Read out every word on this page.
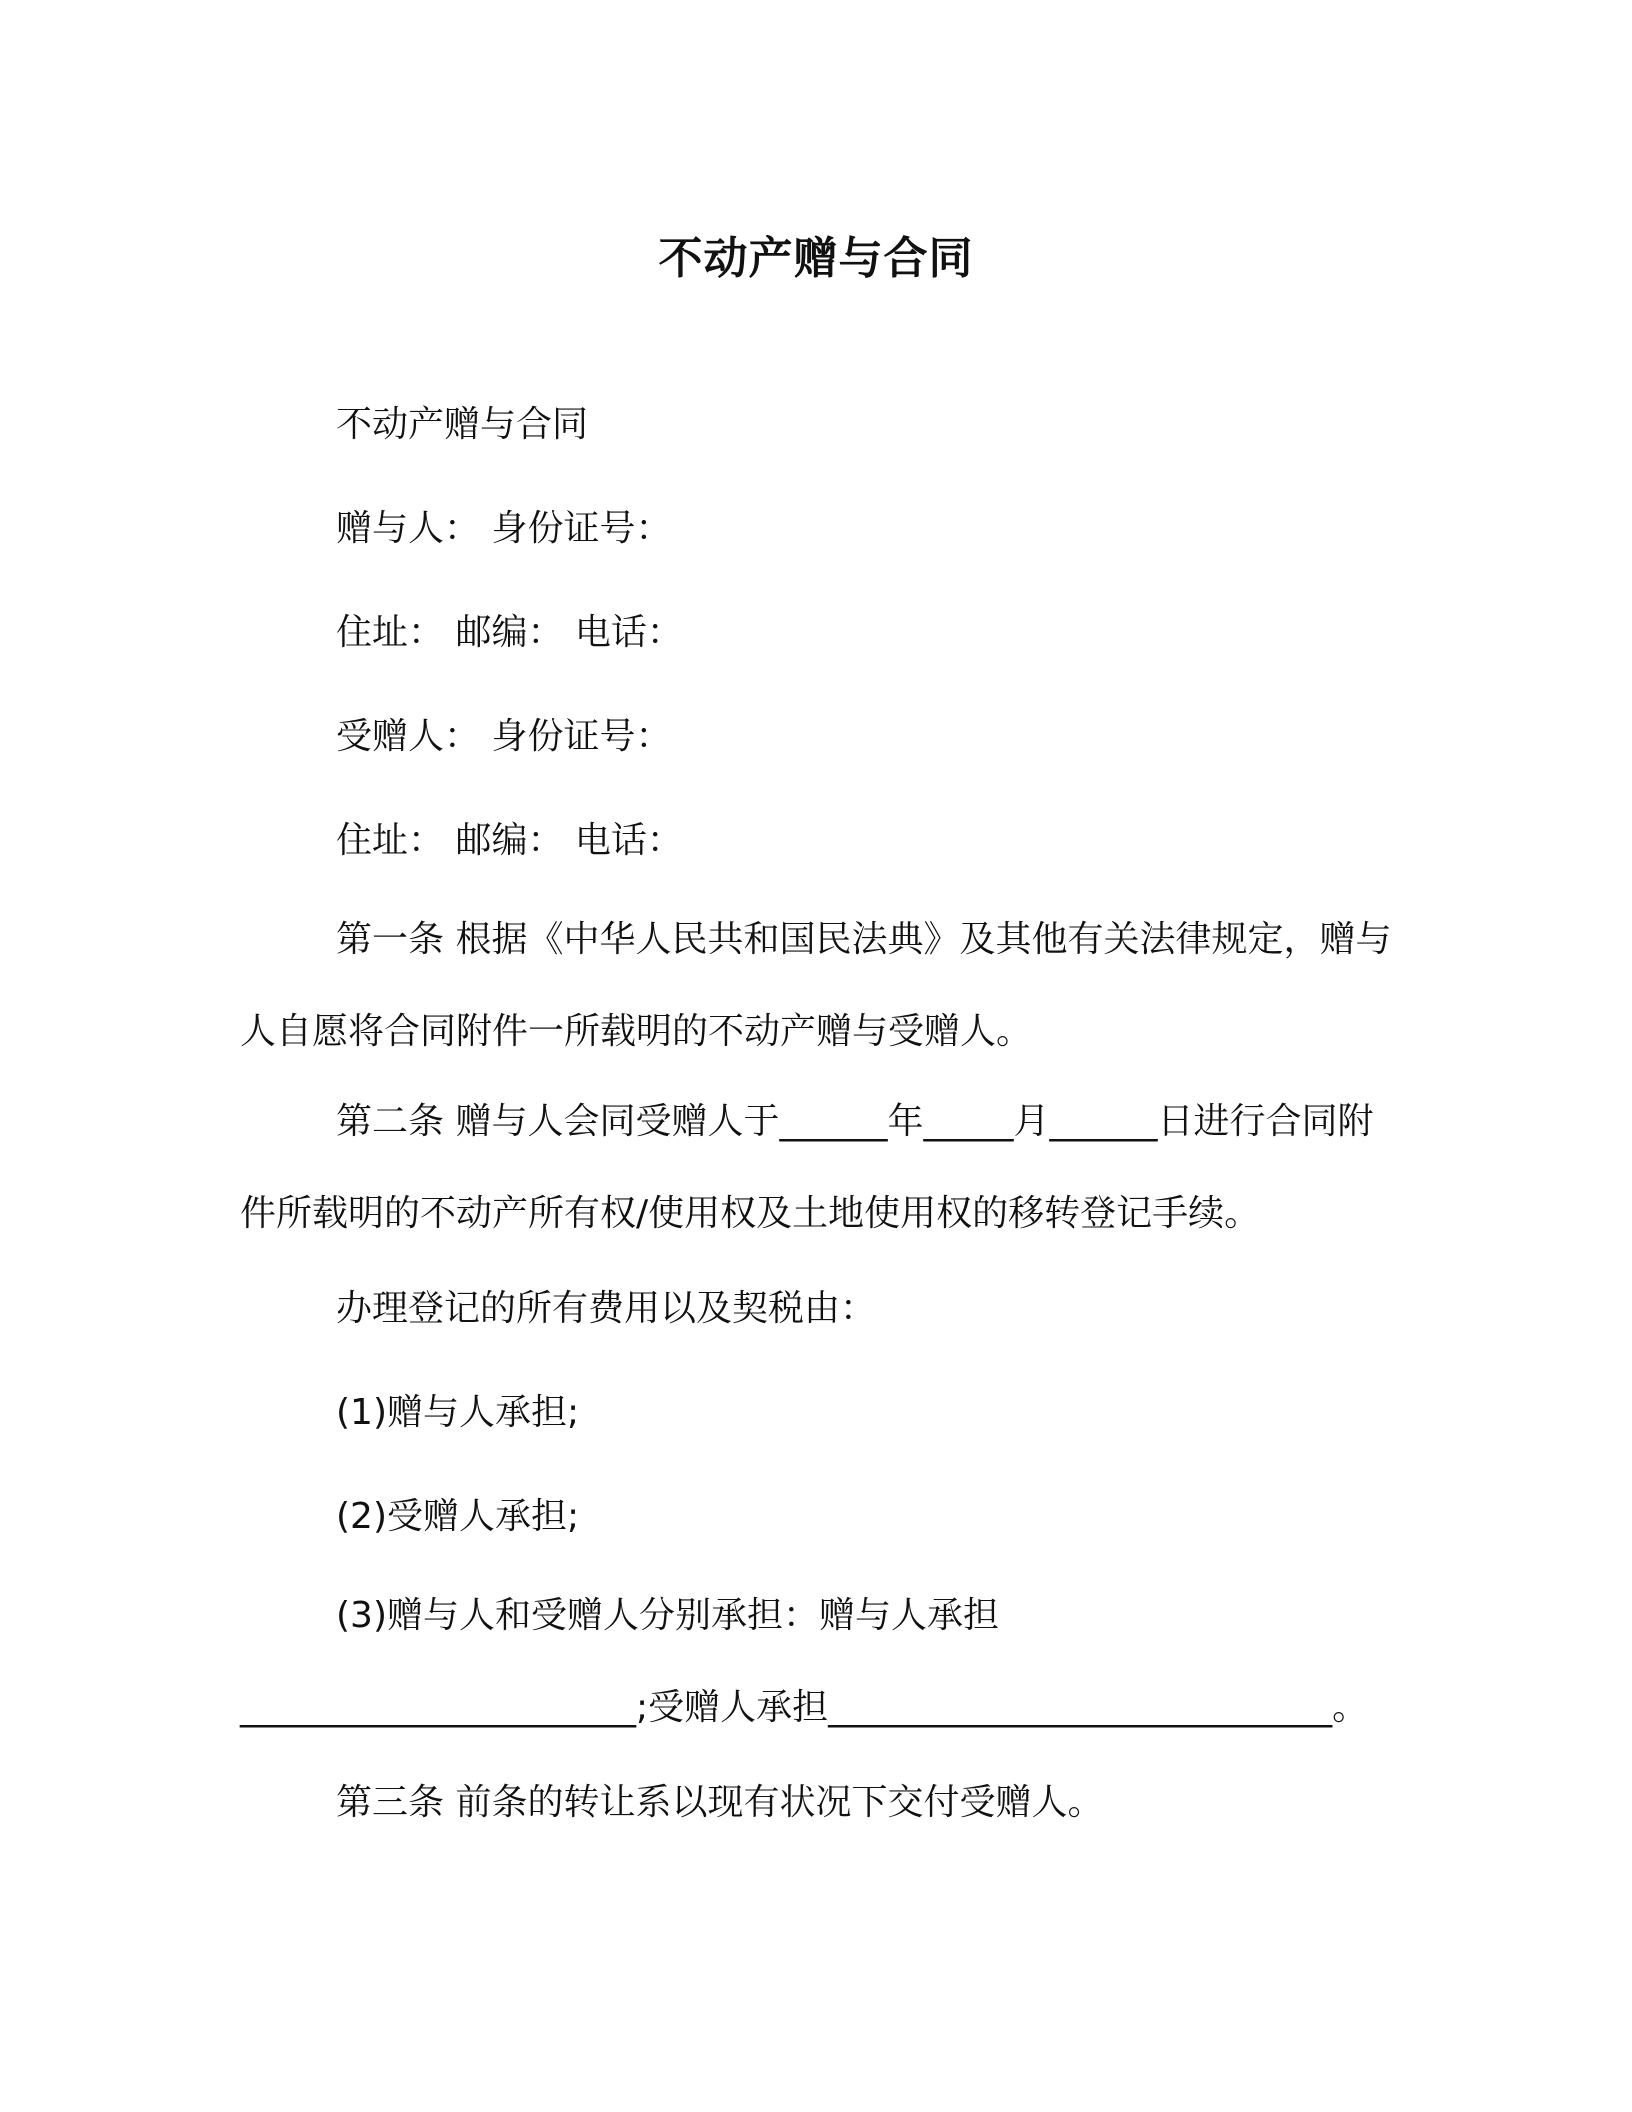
不动产赠与合同
不动产赠与合同
赠与人： 身份证号：
住址： 邮编： 电话：
受赠人： 身份证号：
住址： 邮编： 电话：
第一条 根据《中华人民共和国民法典》及其他有关法律规定，赠与人自愿将合同附件一所载明的不动产赠与受赠人。
第二条 赠与人会同受赠人于______年_____月______日进行合同附件所载明的不动产所有权/使用权及土地使用权的移转登记手续。
办理登记的所有费用以及契税由：
(1)赠与人承担;
(2)受赠人承担;
(3)赠与人和受赠人分别承担：赠与人承担______________________;受赠人承担____________________________。
第三条 前条的转让系以现有状况下交付受赠人。
